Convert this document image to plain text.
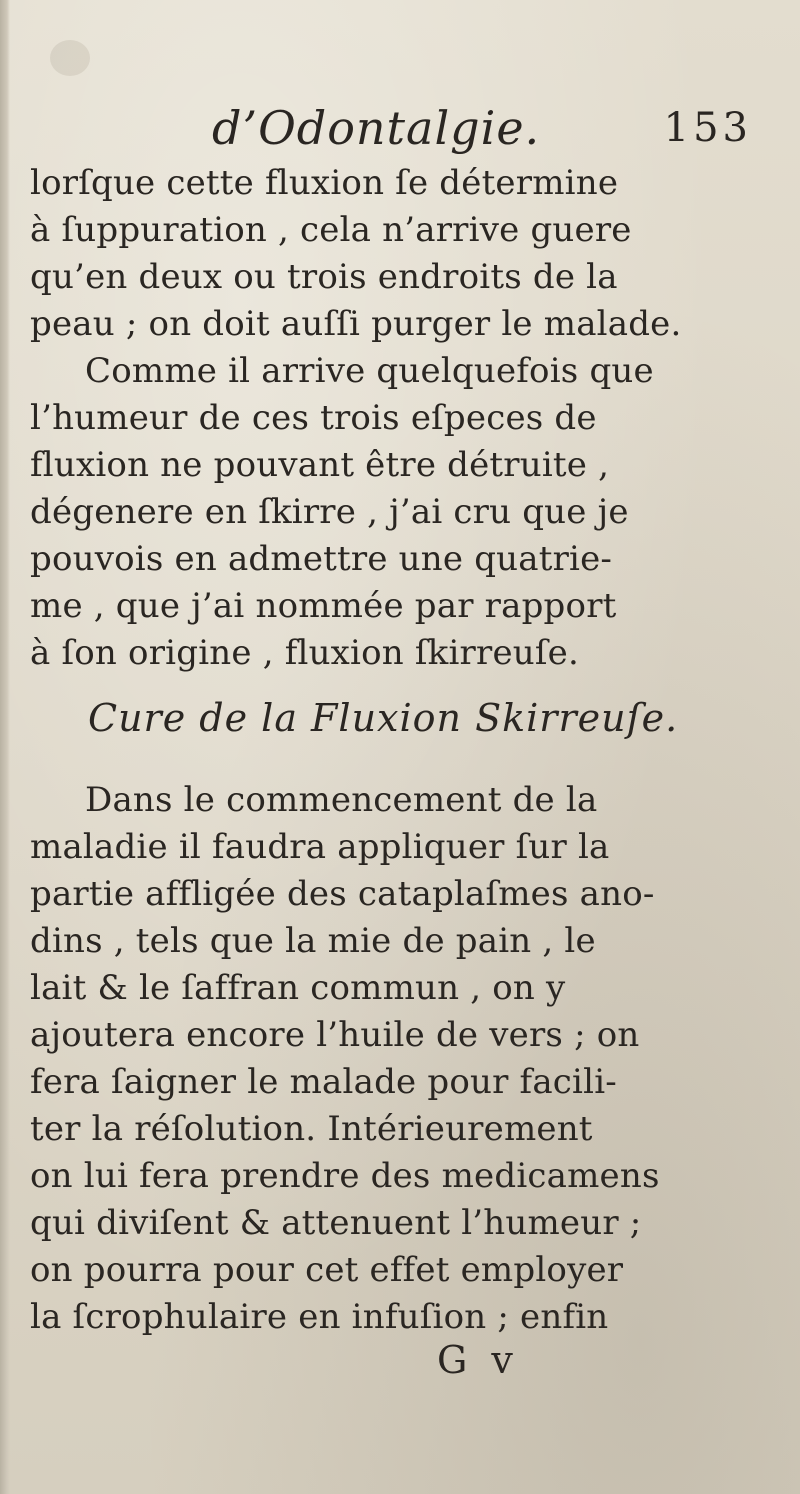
d’Odontalgie.	153
lorſque cette fluxion ſe détermine
à ſuppuration , cela n’arrive guere
qu’en deux ou trois endroits de la
peau ; on doit auſſi purger le malade.
Comme il arrive quelquefois que
l’humeur de ces trois eſpeces de
fluxion ne pouvant être détruite ,
dégenere en ſkirre , j’ai cru que je
pouvois en admettre une quatrie-
me , que j’ai nommée par rapport
à ſon origine , fluxion ſkirreuſe.
Cure de la Fluxion Skirreuſe.
Dans le commencement de la
maladie il faudra appliquer ſur la
partie affligée des cataplaſmes ano-
dins , tels que la mie de pain , le
lait & le ſaffran commun , on y
ajoutera encore l’huile de vers ; on
fera ſaigner le malade pour facili-
ter la réſolution. Intérieurement
on lui fera prendre des medicamens
qui diviſent & attenuent l’humeur ;
on pourra pour cet effet employer
la ſcrophulaire en infuſion ; enfin
G v
